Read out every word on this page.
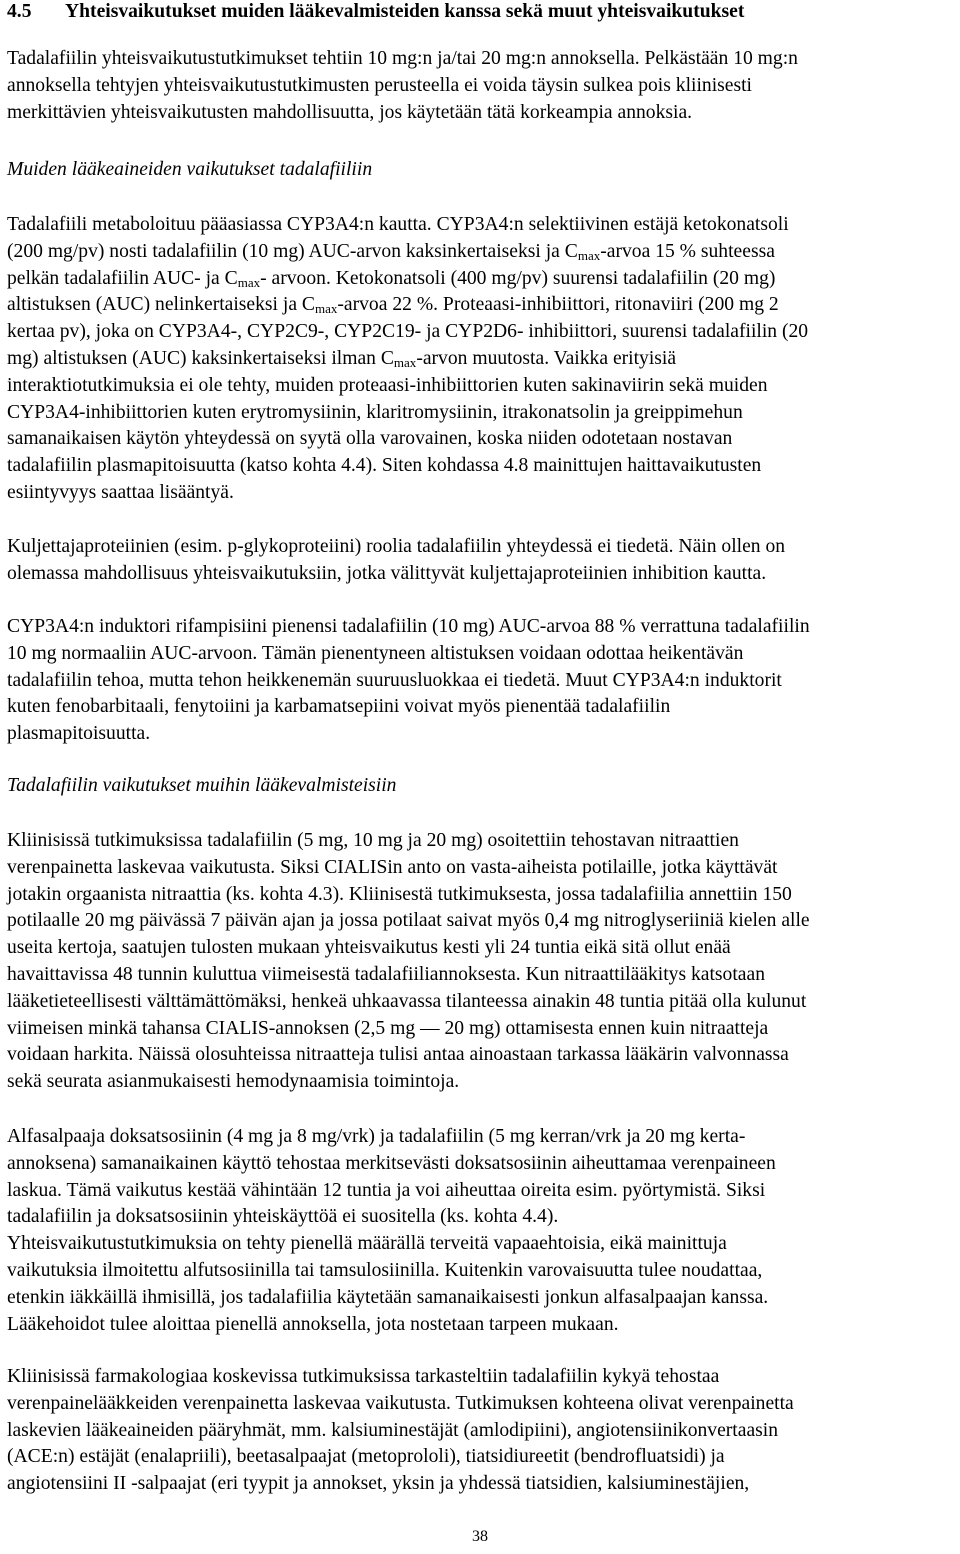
4.5	Yhteisvaikutukset muiden lääkevalmisteiden kanssa sekä muut yhteisvaikutukset
Tadalafiilin yhteisvaikutustutkimukset tehtiin 10 mg:n ja/tai 20 mg:n annoksella. Pelkästään 10 mg:n
annoksella tehtyjen yhteisvaikutustutkimusten perusteella ei voida täysin sulkea pois kliinisesti
merkittävien yhteisvaikutusten mahdollisuutta, jos käytetään tätä korkeampia annoksia.
Muiden lääkeaineiden vaikutukset tadalafiiliin
Tadalafiili metaboloituu pääasiassa CYP3A4:n kautta. CYP3A4:n selektiivinen estäjä ketokonatsoli
(200 mg/pv) nosti tadalafiilin (10 mg) AUC-arvon kaksinkertaiseksi ja Cmax-arvoa 15 % suhteessa
pelkän tadalafiilin AUC- ja Cmax- arvoon. Ketokonatsoli (400 mg/pv) suurensi tadalafiilin (20 mg)
altistuksen (AUC) nelinkertaiseksi ja Cmax-arvoa 22 %. Proteaasi-inhibiittori, ritonaviiri (200 mg 2
kertaa pv), joka on CYP3A4-, CYP2C9-, CYP2C19- ja CYP2D6- inhibiittori, suurensi tadalafiilin (20
mg) altistuksen (AUC) kaksinkertaiseksi ilman Cmax-arvon muutosta. Vaikka erityisiä
interaktiotutkimuksia ei ole tehty, muiden proteaasi-inhibiittorien kuten sakinaviirin sekä muiden
CYP3A4-inhibiittorien kuten erytromysiinin, klaritromysiinin, itrakonatsolin ja greippimehun
samanaikaisen käytön yhteydessä on syytä olla varovainen, koska niiden odotetaan nostavan
tadalafiilin plasmapitoisuutta (katso kohta 4.4). Siten kohdassa 4.8 mainittujen haittavaikutusten
esiintyvyys saattaa lisääntyä.
Kuljettajaproteiinien (esim. p-glykoproteiini) roolia tadalafiilin yhteydessä ei tiedetä. Näin ollen on
olemassa mahdollisuus yhteisvaikutuksiin, jotka välittyvät kuljettajaproteiinien inhibition kautta.
CYP3A4:n induktori rifampisiini pienensi tadalafiilin (10 mg) AUC-arvoa 88 % verrattuna tadalafiilin
10 mg normaaliin AUC-arvoon. Tämän pienentyneen altistuksen voidaan odottaa heikentävän
tadalafiilin tehoa, mutta tehon heikkenemän suuruusluokkaa ei tiedetä. Muut CYP3A4:n induktorit
kuten fenobarbitaali, fenytoiini ja karbamatsepiini voivat myös pienentää tadalafiilin
plasmapitoisuutta.
Tadalafiilin vaikutukset muihin lääkevalmisteisiin
Kliinisissä tutkimuksissa tadalafiilin (5 mg, 10 mg ja 20 mg) osoitettiin tehostavan nitraattien
verenpainetta laskevaa vaikutusta. Siksi CIALISin anto on vasta-aiheista potilaille, jotka käyttävät
jotakin orgaanista nitraattia (ks. kohta 4.3). Kliinisestä tutkimuksesta, jossa tadalafiilia annettiin 150
potilaalle 20 mg päivässä 7 päivän ajan ja jossa potilaat saivat myös 0,4 mg nitroglyseriiniä kielen alle
useita kertoja, saatujen tulosten mukaan yhteisvaikutus kesti yli 24 tuntia eikä sitä ollut enää
havaittavissa 48 tunnin kuluttua viimeisestä tadalafiiliannoksesta. Kun nitraattilääkitys katsotaan
lääketieteellisesti välttämättömäksi, henkeä uhkaavassa tilanteessa ainakin 48 tuntia pitää olla kulunut
viimeisen minkä tahansa CIALIS-annoksen (2,5 mg — 20 mg) ottamisesta ennen kuin nitraatteja
voidaan harkita. Näissä olosuhteissa nitraatteja tulisi antaa ainoastaan tarkassa lääkärin valvonnassa
sekä seurata asianmukaisesti hemodynaamisia toimintoja.
Alfasalpaaja doksatsosiinin (4 mg ja 8 mg/vrk) ja tadalafiilin (5 mg kerran/vrk ja 20 mg kerta-
annoksena) samanaikainen käyttö tehostaa merkitsevästi doksatsosiinin aiheuttamaa verenpaineen
laskua. Tämä vaikutus kestää vähintään 12 tuntia ja voi aiheuttaa oireita esim. pyörtymistä. Siksi
tadalafiilin ja doksatsosiinin yhteiskäyttöä ei suositella (ks. kohta 4.4).
Yhteisvaikutustutkimuksia on tehty pienellä määrällä terveitä vapaaehtoisia, eikä mainittuja
vaikutuksia ilmoitettu alfutsosiinilla tai tamsulosiinilla. Kuitenkin varovaisuutta tulee noudattaa,
etenkin iäkkäillä ihmisillä, jos tadalafiilia käytetään samanaikaisesti jonkun alfasalpaajan kanssa.
Lääkehoidot tulee aloittaa pienellä annoksella, jota nostetaan tarpeen mukaan.
Kliinisissä farmakologiaa koskevissa tutkimuksissa tarkasteltiin tadalafiilin kykyä tehostaa
verenpainelääkkeiden verenpainetta laskevaa vaikutusta. Tutkimuksen kohteena olivat verenpainetta
laskevien lääkeaineiden pääryhmät, mm. kalsiuminestäjät (amlodipiini), angiotensiinikonvertaasin
(ACE:n) estäjät (enalapriili), beetasalpaajat (metoprololi), tiatsidiureetit (bendrofluatsidi) ja
angiotensiini II -salpaajat (eri tyypit ja annokset, yksin ja yhdessä tiatsidien, kalsiuminestäjien,
38
